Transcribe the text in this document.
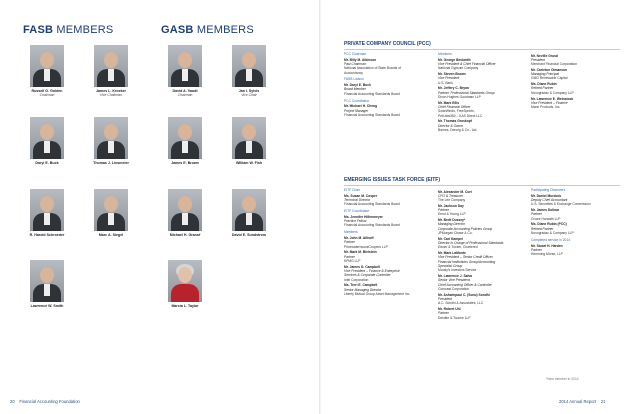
FASB MEMBERS	GASB MEMBERS
Russell G. Golden
Chairman
James L. Kroeker
Vice Chairman
Daryl E. Buck	Thomas J. Linsmeier
R. Harold Schroeder	Marc A. Siegel
Lawrence W. Smith
David A. Vaudt
Chairman
Jan I. Sylvis
Vice Chair
James E. Brown	William W. Fish
Michael H. Granof	David E. Sundstrom
Marcia L. Taylor
20 Financial Accounting Foundation
PRIVATE COMPANY COUNCIL (PCC)
PCC Chairman
Mr. Billy M. Atkinson
Past Chairman
National Association of State Boards of
Accountancy
FASB Liaison
Mr. Daryl E. Buck
Board Member
Financial Accounting Standards Board
PCC Coordinator
Mr. Michael H. Cheng
Project Manager
Financial Accounting Standards Board
Members
Mr. George Beckwith
Vice President & Chief Financial Officer
National Gypsum Company
Mr. Steven Brown
Vice President
U.S. Bank
Mr. Jeffery C. Bryan
Partner, Professional Standards Group
Dixon Hughes Goodman LLP
Mr. Mark Ellis
Chief Financial Officer
SolarWinds, FreeSprints,
PetLabs360 – KAS Direct LLC
Mr. Thomas Groskopf
Director & Owner
Barnes, Dennig & Co., Ltd.
Mr. Neville Grusd
President
Merchant Financial Corporation
Mr. Carleton Olmanson
Managing Principal
GMO Renewable Capital
Ms. Diane Rubin
Retired Partner
Novogradac & Company LLP
Mr. Lawrence E. Weinstock
Vice President – Finance
Mann Products, Inc.
EMERGING ISSUES TASK FORCE (EITF)
EITF Chair
Ms. Susan M. Cosper
Technical Director
Financial Accounting Standards Board
EITF Coordinator
Ms. Jennifer Hillenmeyer
Practice Fellow
Financial Accounting Standards Board
Members
Mr. John M. Althoff
Partner
PricewaterhouseCoopers LLP
Mr. Mark M. Bielstein
Partner
KPMG LLP
Mr. James G. Campbell
Vice President – Finance & Enterprise
Services & Corporate Controller
Intel Corporation
Ms. Terri E. Campbell
Senior Managing Director
Liberty Mutual Group Asset Management Inc.
Mr. Alexander M. Cort
CFO & Treasurer
The Lee Company
Mr. Jackson Day
Partner
Ernst & Young LLP
Mr. Brett Dussey*
Managing Director
Corporate Accounting Policies Group
JPMorgan Chase & Co.
Mr. Carl Kampel
Director in Charge of Professional Standards
Eisner & Tucker, Chartered
Mr. Mark LaMonte
Vice President – Senior Credit Officer,
Financial Institutions Group/Accounting
Specialist Group
Moody's Investors Service
Mr. Lawrence J. Salva
Senior Vice President,
Chief Accounting Officer & Controller
Comcast Corporation
Mr. Ashwinpaul C. (Sonu) Sondhi
President
A.C. Sondhi & Associates, LLC
Mr. Robert Uhl
Partner
Deloitte & Touche LLP
Participating Observers
Mr. Daniel Murdock
Deputy Chief Accountant
U.S. Securities & Exchange Commission
Mr. James Dolinar
Partner
Crowe Horwath LLP
Ms. Diane Rubin (PCC)
Retired Partner
Novogradac & Company LLP
Completed service in 2014
Mr. Stuart H. Harden
Partner
Hemming Morse, LLP
*New member in 2014
2014 Annual Report 21
